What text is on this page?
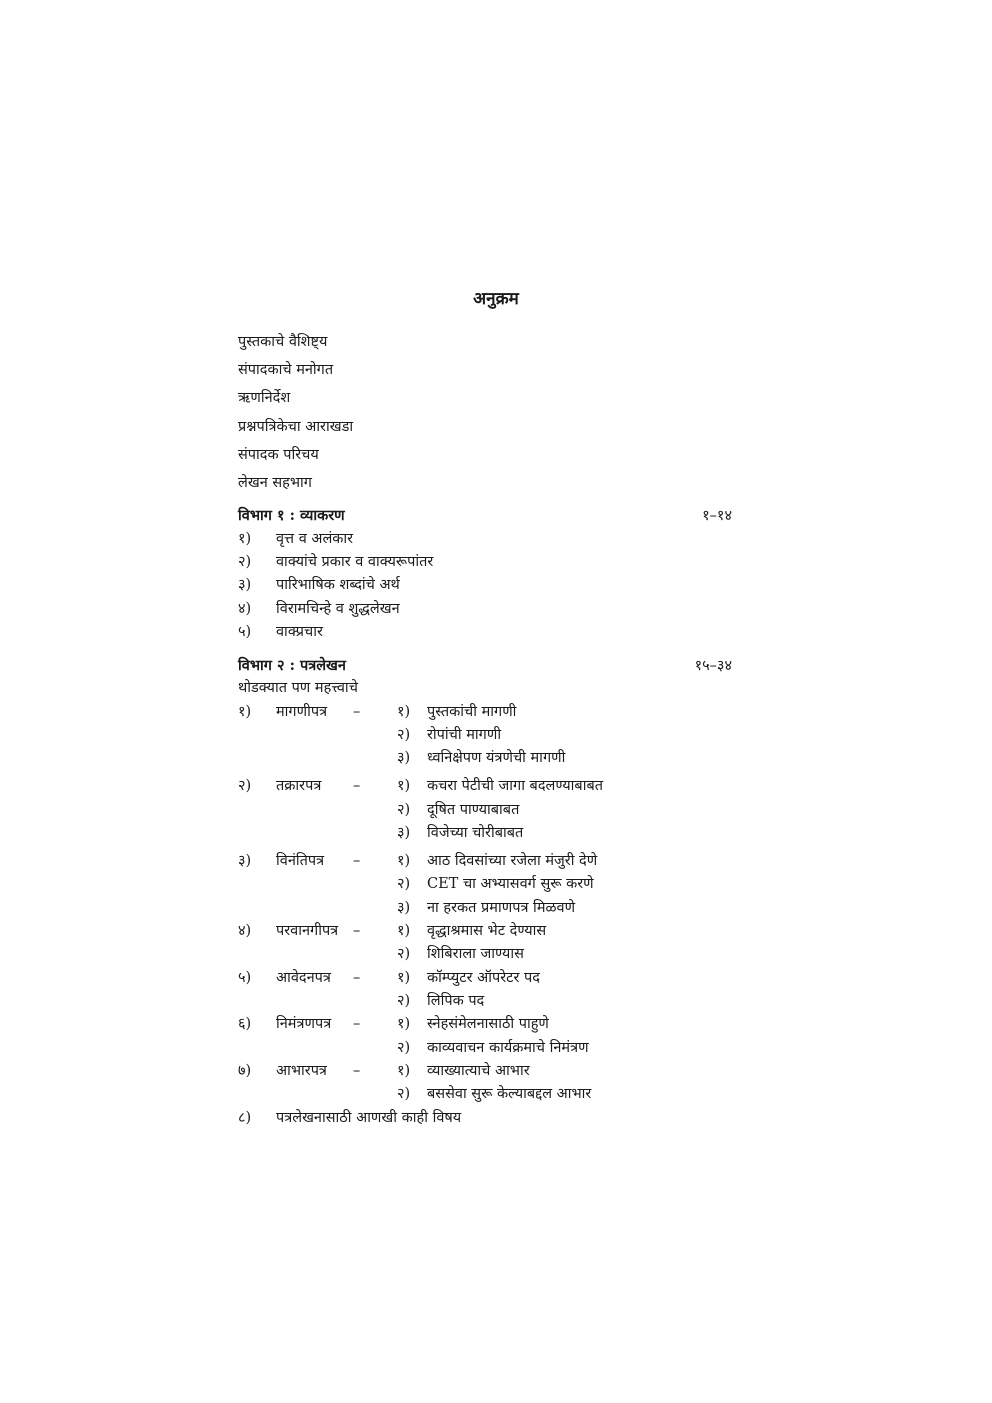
अनुक्रम
पुस्तकाचे वैशिष्ट्य
संपादकाचे मनोगत
ऋणनिर्देश
प्रश्नपत्रिकेचा आराखडा
संपादक परिचय
लेखन सहभाग
विभाग १ : व्याकरण	१–१४
१) वृत्त व अलंकार
२) वाक्यांचे प्रकार व वाक्यरूपांतर
३) पारिभाषिक शब्दांचे अर्थ
४) विरामचिन्हे व शुद्धलेखन
५) वाक्प्रचार
विभाग २ : पत्रलेखन	१५–३४
थोडक्यात पण महत्त्वाचे
१) मागणीपत्र –	१) पुस्तकांची मागणी
२) रोपांची मागणी
३) ध्वनिक्षेपण यंत्रणेची मागणी
२) तक्रारपत्र –	१) कचरा पेटीची जागा बदलण्याबाबत
२) दूषित पाण्याबाबत
३) विजेच्या चोरीबाबत
३) विनंतिपत्र –	१) आठ दिवसांच्या रजेला मंजुरी देणे
२) CET चा अभ्यासवर्ग सुरू करणे
३) ना हरकत प्रमाणपत्र मिळवणे
४) परवानगीपत्र –	१) वृद्धाश्रमास भेट देण्यास
२) शिबिराला जाण्यास
५) आवेदनपत्र –	१) कॉम्प्युटर ऑपरेटर पद
२) लिपिक पद
६) निमंत्रणपत्र –	१) स्नेहसंमेलनासाठी पाहुणे
२) काव्यवाचन कार्यक्रमाचे निमंत्रण
७) आभारपत्र –	१) व्याख्यात्याचे आभार
२) बससेवा सुरू केल्याबद्दल आभार
८) पत्रलेखनासाठी आणखी काही विषय
